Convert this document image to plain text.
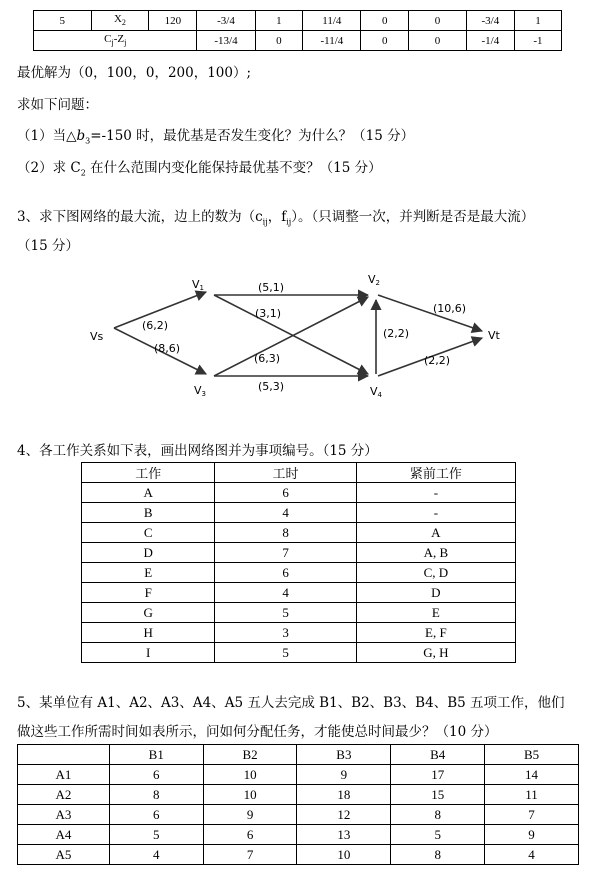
5	$X_2$	120	-3/4	1	11/4	0	0	-3/4	1
$C_j-Z_j$			-13/4	0	-11/4	0	0	-1/4	-1
最优解为（0，100，0，200，100）;
求如下问题：
（1）当$\triangle b_3=-150$ 时，最优基是否发生变化？为什么？（15 分）
（2）求 $C_2$ 在什么范围内变化能保持最优基不变？（15 分）
3、求下图网络的最大流，边上的数为（$c_{ij}$，$f_{ij}$）。（只调整一次，并判断是否是最大流）
（15 分）
Vs
V1
V2
V3	V4
Vt
(6,2)
(8,6)
(5,1)
(3,1)
(6,3)
(5,3)
(2,2)
(10,6)
(2,2)
4、各工作关系如下表，画出网络图并为事项编号。（15 分）
工作	工时	紧前工作
A	6	-
B	4	-
C	8	A
D	7	A, B
E	6	C, D
F	4	D
G	5	E
H	3	E, F
I	5	G, H
5、某单位有 A1、A2、A3、A4、A5 五人去完成 B1、B2、B3、B4、B5 五项工作，他们
做这些工作所需时间如表所示，问如何分配任务，才能使总时间最少？（10 分）
	B1	B2	B3	B4	B5
A1	6	10	9	17	14
A2	8	10	18	15	11
A3	6	9	12	8	7
A4	5	6	13	5	9
A5	4	7	10	8	4
